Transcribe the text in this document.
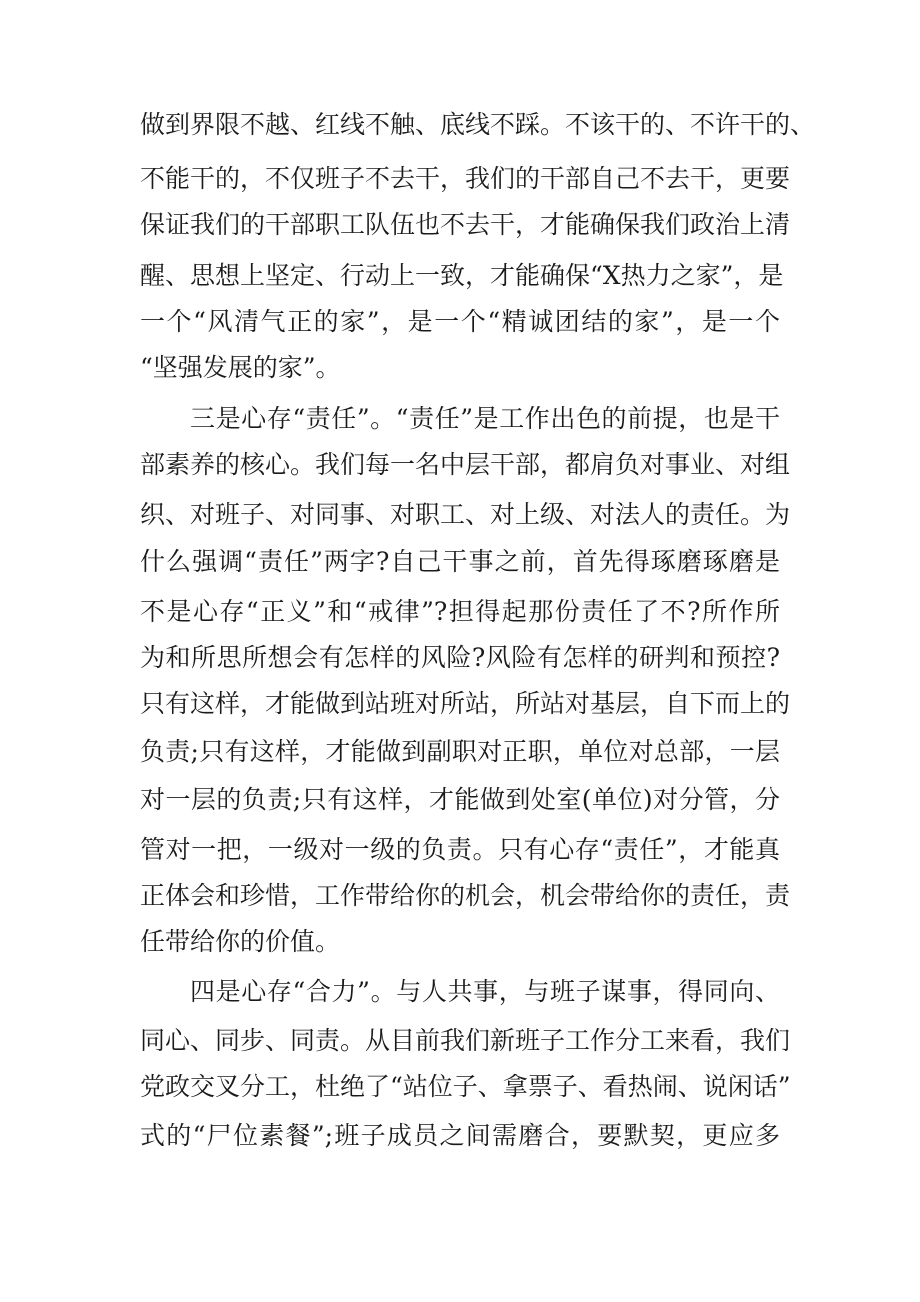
做到界限不越、红线不触、底线不踩。不该干的、不许干的、
不能干的，不仅班子不去干，我们的干部自己不去干，更要
保证我们的干部职工队伍也不去干，才能确保我们政治上清
醒、思想上坚定、行动上一致，才能确保“X热力之家”，是
一个“风清气正的家”，是一个“精诚团结的家”，是一个
“坚强发展的家”。
三是心存“责任”。“责任”是工作出色的前提，也是干
部素养的核心。我们每一名中层干部，都肩负对事业、对组
织、对班子、对同事、对职工、对上级、对法人的责任。为
什么强调“责任”两字?自己干事之前，首先得琢磨琢磨是
不是心存“正义”和“戒律”?担得起那份责任了不?所作所
为和所思所想会有怎样的风险?风险有怎样的研判和预控?
只有这样，才能做到站班对所站，所站对基层，自下而上的
负责;只有这样，才能做到副职对正职，单位对总部，一层
对一层的负责;只有这样，才能做到处室(单位)对分管，分
管对一把，一级对一级的负责。只有心存“责任”，才能真
正体会和珍惜，工作带给你的机会，机会带给你的责任，责
任带给你的价值。
四是心存“合力”。与人共事，与班子谋事，得同向、
同心、同步、同责。从目前我们新班子工作分工来看，我们
党政交叉分工，杜绝了“站位子、拿票子、看热闹、说闲话”
式的“尸位素餐”;班子成员之间需磨合，要默契，更应多
